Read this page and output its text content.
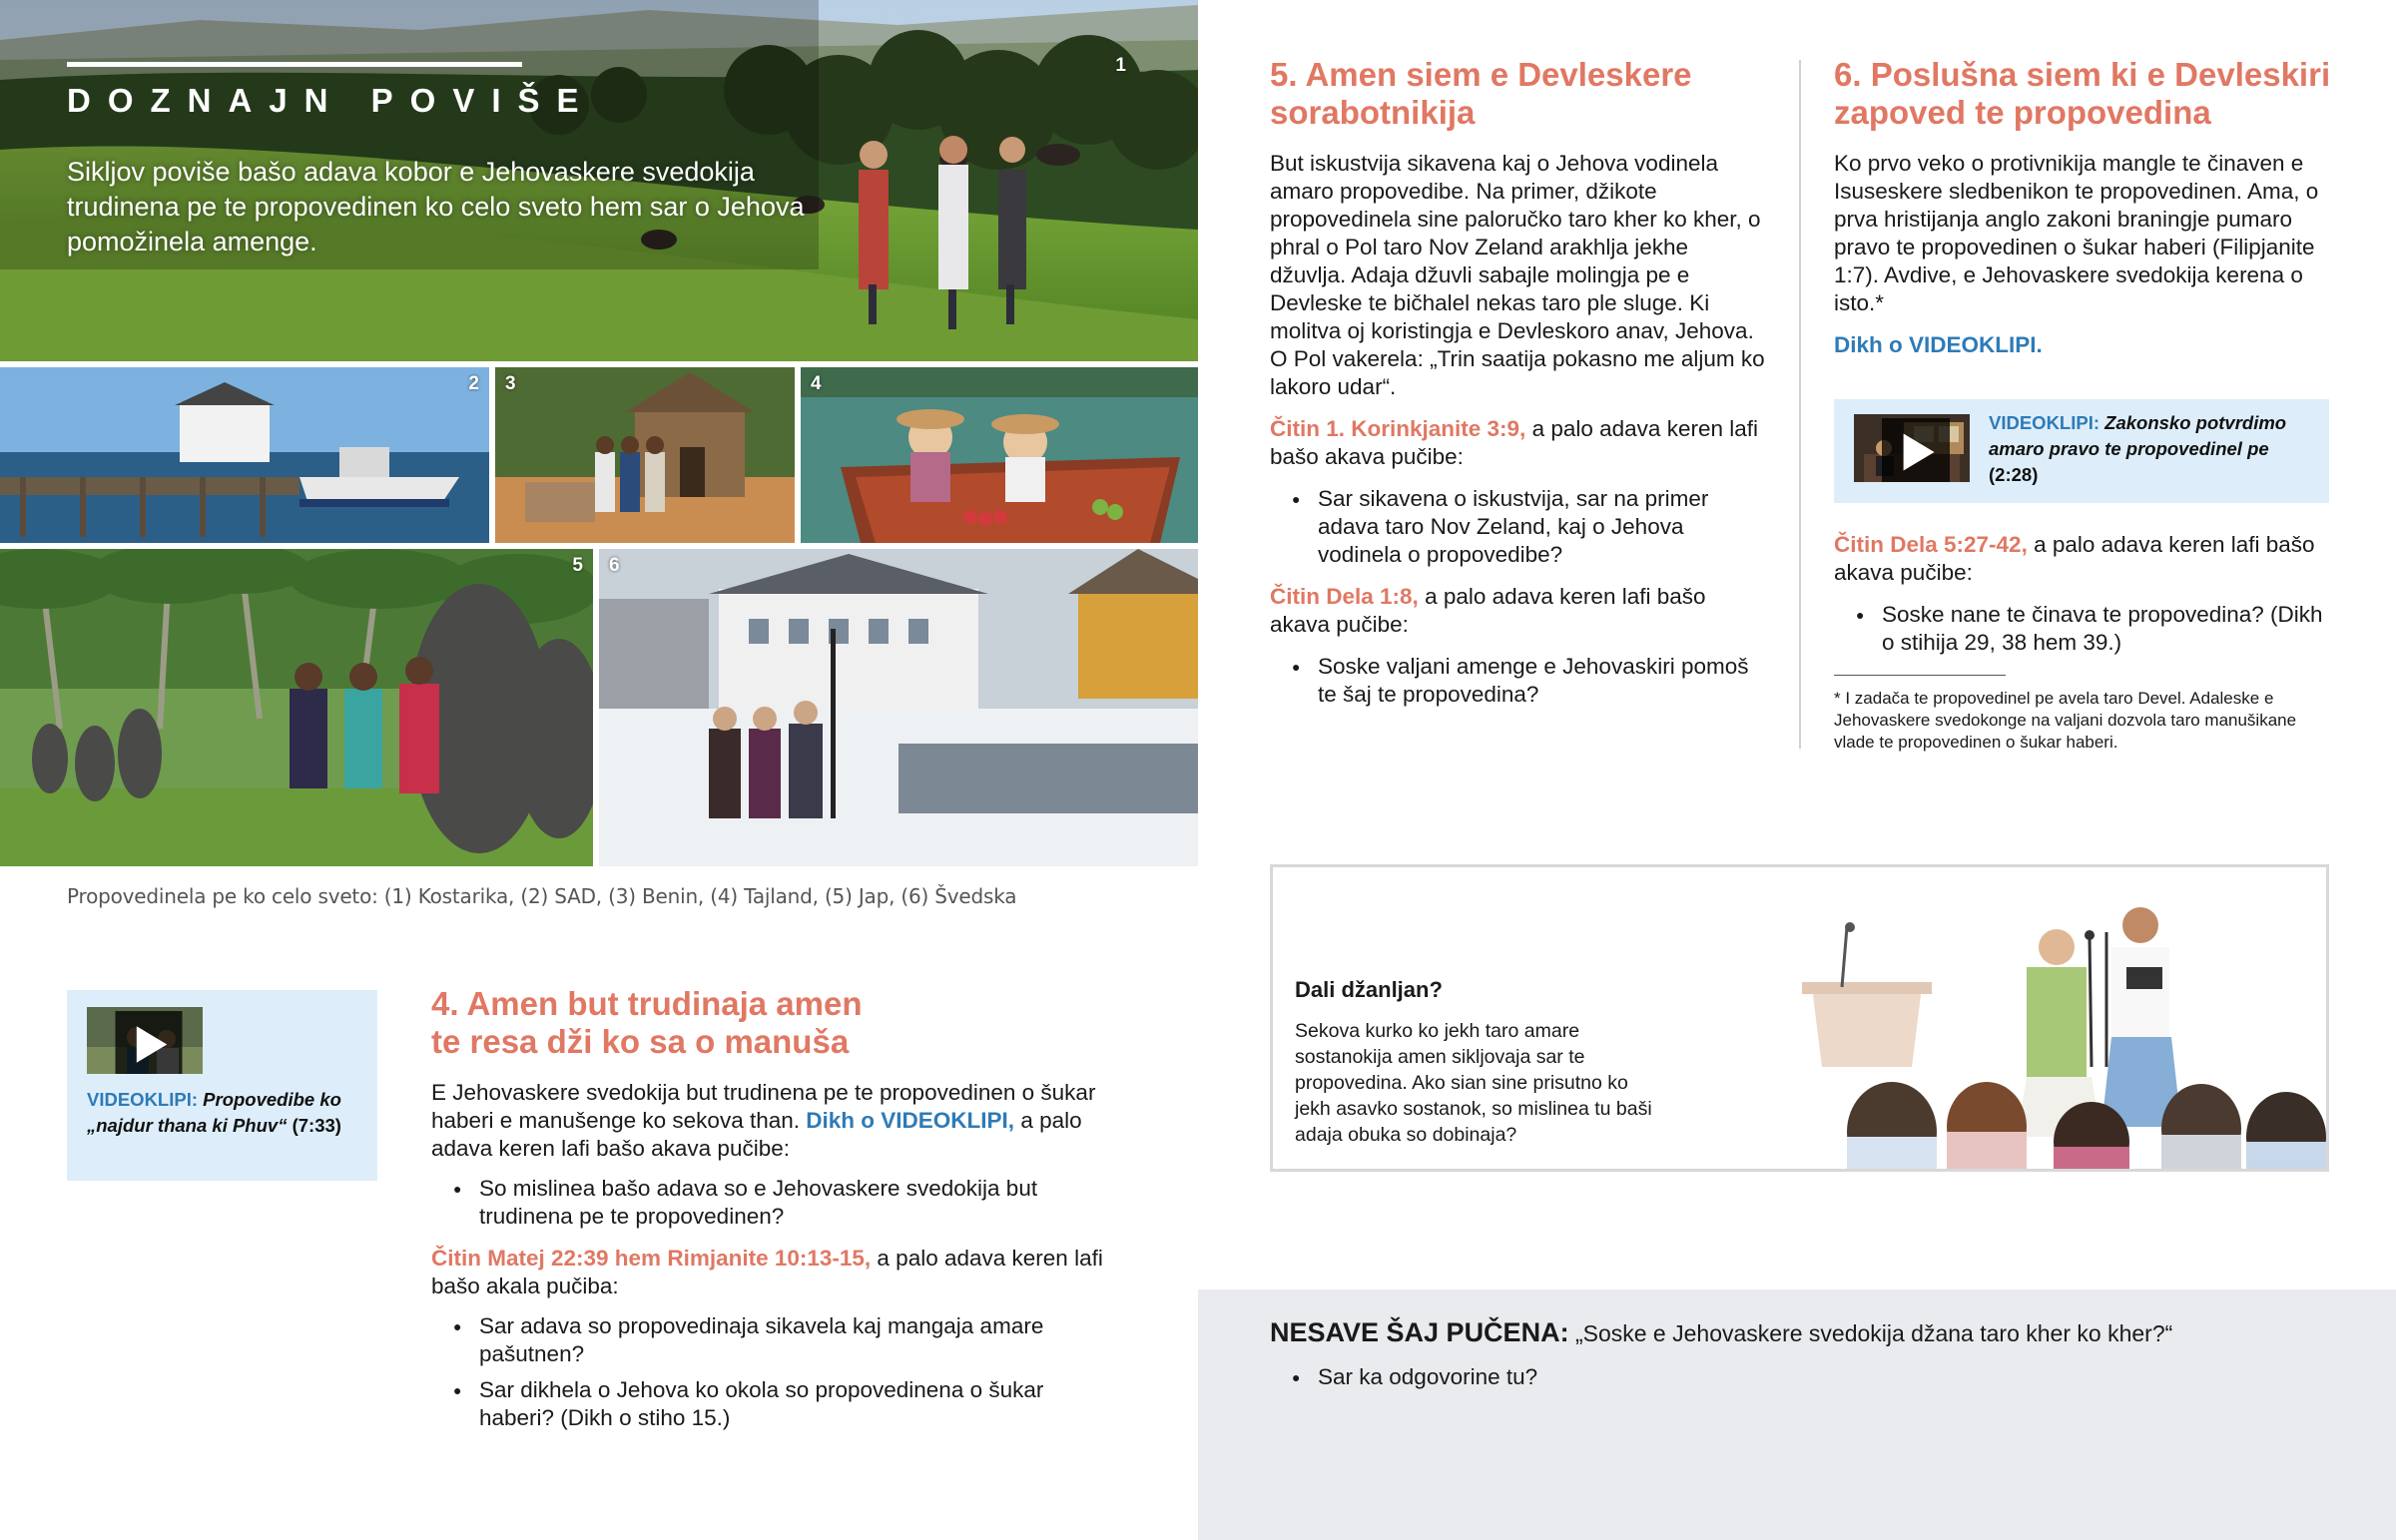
1
DOZNAJN POVIŠE
Sikljov poviše bašo adava kobor e Jehovaskere svedokija trudinena pe te propovedinen ko celo sveto hem sar o Jehova pomožinela amenge.
2 3	4
5 6
Propovedinela pe ko celo sveto: (1) Kostarika, (2) SAD, (3) Benin, (4) Tajland, (5) Jap, (6) Švedska
VIDEOKLIPI: Propovedibe ko „najdur thana ki Phuv“ (7:33)
4. Amen but trudinaja amen
te resa dži ko sa o manuša

E Jehovaskere svedokija but trudinena pe te propovedinen o šukar haberi e manušenge ko sekova than. Dikh o VIDEOKLIPI, a palo adava keren lafi bašo akava pučibe:

● So mislinea bašo adava so e Jehovaskere svedokija but trudinena pe te propovedinen?

Čitin Matej 22:39 hem Rimjanite 10:13-15, a palo adava keren lafi bašo akala pučiba:

● Sar adava so propovedinaja sikavela kaj mangaja amare pašutnen?
● Sar dikhela o Jehova ko okola so propovedinena o šukar haberi? (Dikh o stiho 15.)
5. Amen siem e Devleskere
sorabotnikija

But iskustvija sikavena kaj o Jehova vodinela amaro propovedibe. Na primer, džikote propovedinela sine palоručko taro kher ko kher, o phral o Pol taro Nov Zeland arakhlja jekhe džuvlja. Adaja džuvli sabajle molingja pe e Devleske te bičhalel nekas taro ple sluge. Ki molitva oj koristingja e Devleskoro anav, Jehova. O Pol vakerela: „Trin saatija pokasno me aljum ko lakoro udar“.

Čitin 1. Korinkjanite 3:9, a palo adava keren lafi bašo akava pučibe:

● Sar sikavena o iskustvija, sar na primer adava taro Nov Zeland, kaj o Jehova vodinela o propovedibe?

Čitin Dela 1:8, a palo adava keren lafi bašo akava pučibe:

● Soske valjani amenge e Jehovaskiri pomoš te šaj te propovedina?
6. Poslušna siem ki e Devleskiri
zapoved te propovedina

Ko prvo veko o protivnikija mangle te činaven e Isuseskere sledbenikon te propovedinen. Ama, o prva hristijanja anglo zakoni braningje pumaro pravo te propovedinen o šukar haberi (Filipjanite 1:7). Avdive, e Jehovaskere svedokija kerena o isto.*

Dikh o VIDEOKLIPI.

VIDEOKLIPI: Zakonsko potvrdimo amaro pravo te propovedinel pe (2:28)

Čitin Dela 5:27-42, a palo adava keren lafi bašo akava pučibe:

● Soske nane te činava te propovedina? (Dikh o stihija 29, 38 hem 39.)
* I zadača te propovedinel pe avela taro Devel. Adaleske e Jehovaskere svedokonge na valjani dozvola taro manušikane vlade te propovedinen o šukar haberi.
Dali džanljan?
Sekova kurko ko jekh taro amare sostanokija amen sikljovaja sar te propovedina. Ako sian sine prisutno ko jekh asavko sostanok, so mislinea tu baši adaja obuka so dobinaja?
NESAVE ŠAJ PUČENA: „Soske e Jehovaskere svedokija džana taro kher ko kher?“
● Sar ka odgovorine tu?
